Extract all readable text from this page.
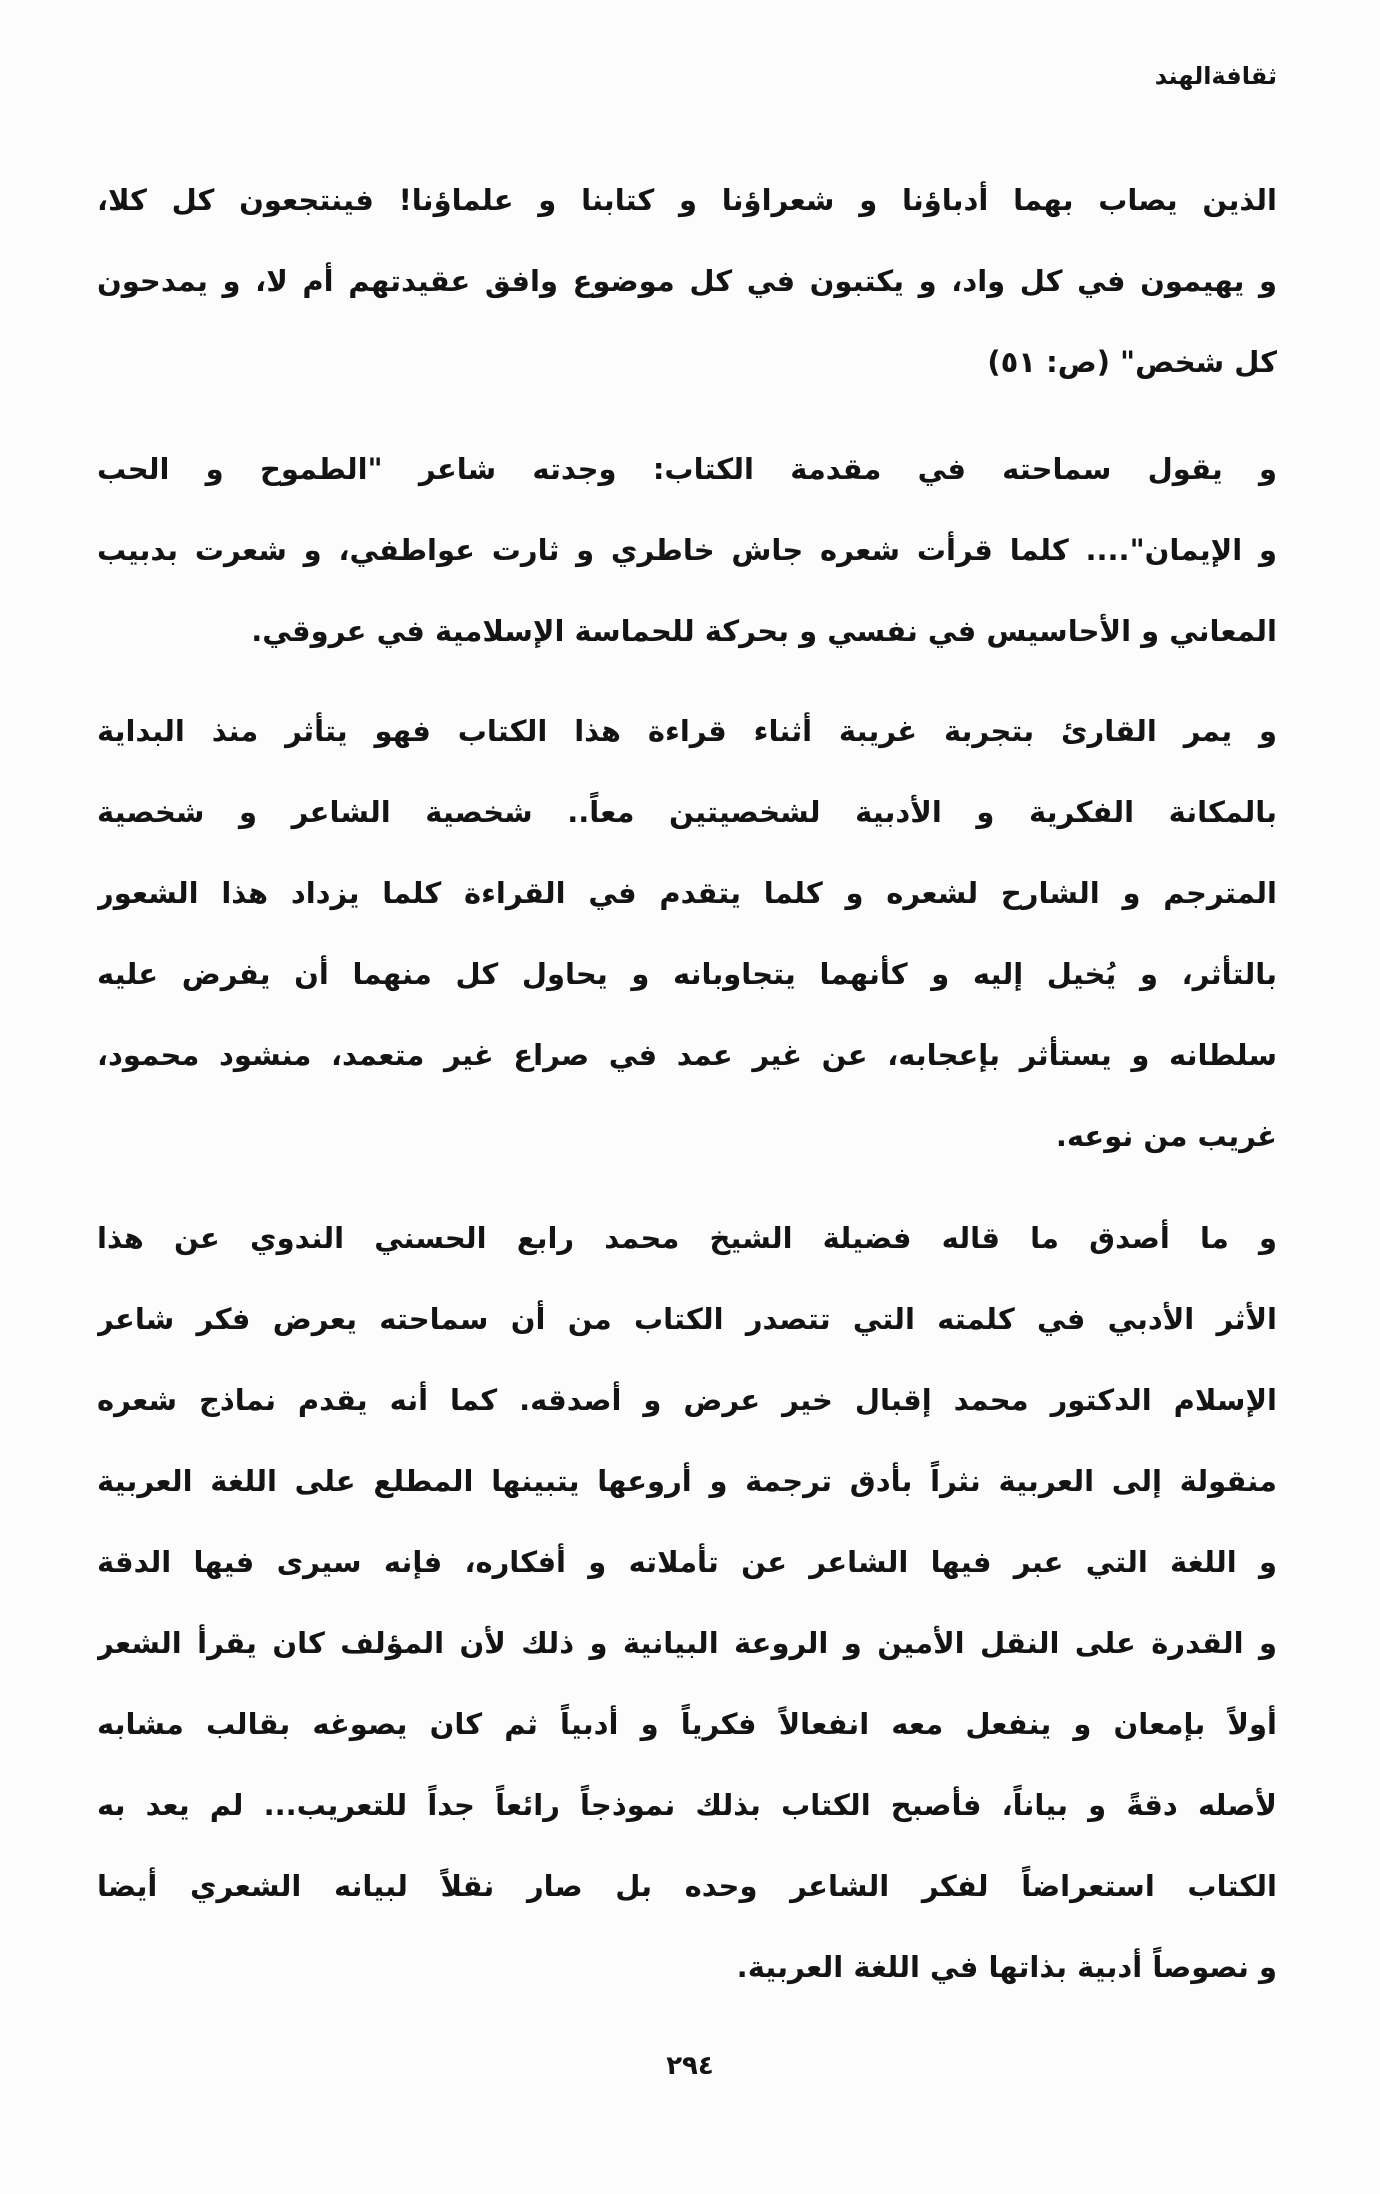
ثقافةالهند
الذين يصاب بهما أدباؤنا و شعراؤنا و كتابنا و علماؤنا! فينتجعون كل كلا،
و يهيمون في كل واد، و يكتبون في كل موضوع وافق عقيدتهم أم لا، و يمدحون
كل شخص" (ص: ٥١)
و يقول سماحته في مقدمة الكتاب: وجدته شاعر "الطموح و الحب
و الإيمان".... كلما قرأت شعره جاش خاطري و ثارت عواطفي، و شعرت بدبيب
المعاني و الأحاسيس في نفسي و بحركة للحماسة الإسلامية في عروقي.
و يمر القارئ بتجربة غريبة أثناء قراءة هذا الكتاب فهو يتأثر منذ البداية
بالمكانة الفكرية و الأدبية لشخصيتين معاً.. شخصية الشاعر و شخصية
المترجم و الشارح لشعره و كلما يتقدم في القراءة كلما يزداد هذا الشعور
بالتأثر، و يُخيل إليه و كأنهما يتجاوبانه و يحاول كل منهما أن يفرض عليه
سلطانه و يستأثر بإعجابه، عن غير عمد في صراع غير متعمد، منشود محمود،
غريب من نوعه.
و ما أصدق ما قاله فضيلة الشيخ محمد رابع الحسني الندوي عن هذا
الأثر الأدبي في كلمته التي تتصدر الكتاب من أن سماحته يعرض فكر شاعر
الإسلام الدكتور محمد إقبال خير عرض و أصدقه. كما أنه يقدم نماذج شعره
منقولة إلى العربية نثراً بأدق ترجمة و أروعها يتبينها المطلع على اللغة العربية
و اللغة التي عبر فيها الشاعر عن تأملاته و أفكاره، فإنه سيرى فيها الدقة
و القدرة على النقل الأمين و الروعة البيانية و ذلك لأن المؤلف كان يقرأ الشعر
أولاً بإمعان و ينفعل معه انفعالاً فكرياً و أدبياً ثم كان يصوغه بقالب مشابه
لأصله دقةً و بياناً، فأصبح الكتاب بذلك نموذجاً رائعاً جداً للتعريب... لم يعد به
الكتاب استعراضاً لفكر الشاعر وحده بل صار نقلاً لبيانه الشعري أيضا
و نصوصاً أدبية بذاتها في اللغة العربية.
٢٩٤
